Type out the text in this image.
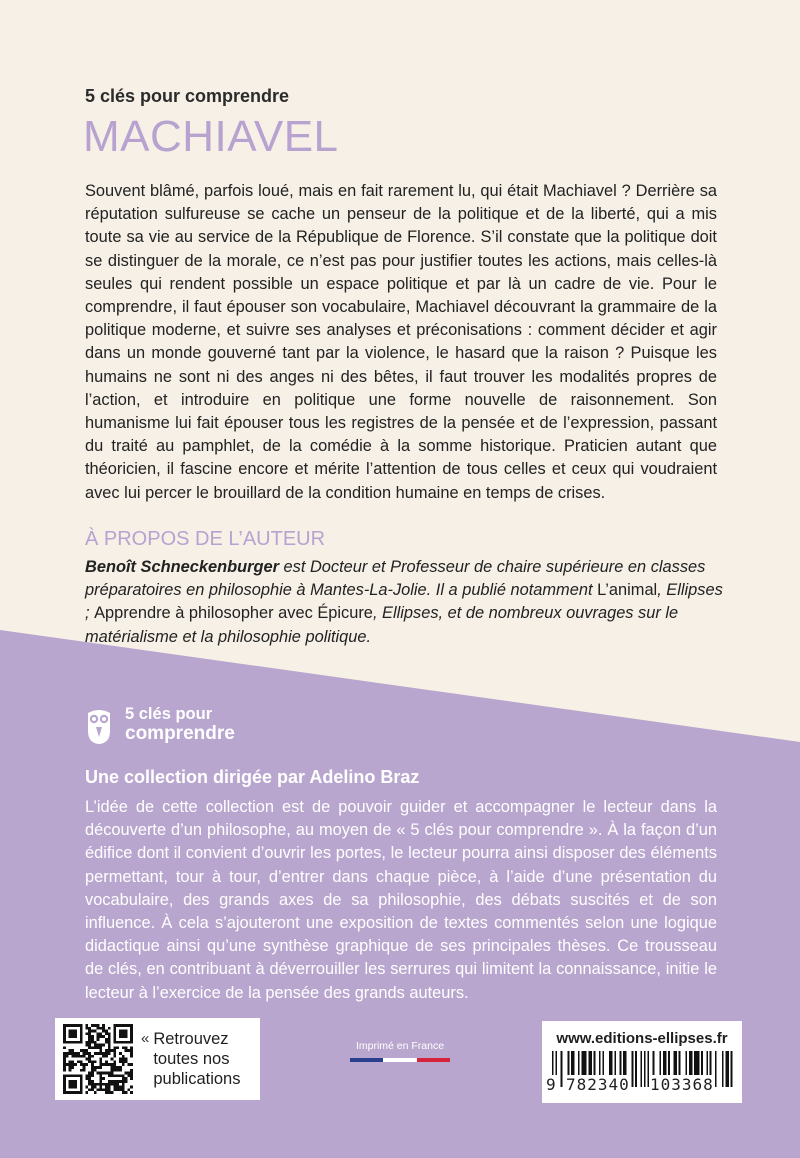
5 clés pour comprendre
MACHIAVEL
Souvent blâmé, parfois loué, mais en fait rarement lu, qui était Machiavel ? Derrière sa réputation sulfureuse se cache un penseur de la politique et de la liberté, qui a mis toute sa vie au service de la République de Florence. S’il constate que la politique doit se distinguer de la morale, ce n’est pas pour justifier toutes les actions, mais celles-là seules qui rendent possible un espace politique et par là un cadre de vie. Pour le comprendre, il faut épouser son vocabulaire, Machiavel découvrant la grammaire de la politique moderne, et suivre ses analyses et préconisations : comment décider et agir dans un monde gouverné tant par la violence, le hasard que la raison ? Puisque les humains ne sont ni des anges ni des bêtes, il faut trouver les modalités propres de l’action, et introduire en politique une forme nouvelle de raisonnement. Son humanisme lui fait épouser tous les registres de la pensée et de l’expression, passant du traité au pamphlet, de la comédie à la somme historique. Praticien autant que théoricien, il fascine encore et mérite l’attention de tous celles et ceux qui voudraient avec lui percer le brouillard de la condition humaine en temps de crises.
À PROPOS DE L’AUTEUR
Benoît Schneckenburger est Docteur et Professeur de chaire supérieure en classes préparatoires en philosophie à Mantes-La-Jolie. Il a publié notamment L’animal, Ellipses ; Apprendre à philosopher avec Épicure, Ellipses, et de nombreux ouvrages sur le matérialisme et la philosophie politique.
5 clés pour
comprendre
Une collection dirigée par Adelino Braz
L’idée de cette collection est de pouvoir guider et accompagner le lecteur dans la découverte d’un philosophe, au moyen de « 5 clés pour comprendre ». À la façon d’un édifice dont il convient d’ouvrir les portes, le lecteur pourra ainsi disposer des éléments permettant, tour à tour, d’entrer dans chaque pièce, à l’aide d’une présentation du vocabulaire, des grands axes de sa philosophie, des débats suscités et de son influence. À cela s’ajouteront une exposition de textes commentés selon une logique didactique ainsi qu’une synthèse graphique de ses principales thèses. Ce trousseau de clés, en contribuant à déverrouiller les serrures qui limitent la connaissance, initie le lecteur à l’exercice de la pensée des grands auteurs.
« Retrouvez
toutes nos
publications
Imprimé en France	www.editions-ellipses.fr
9 782340 103368
